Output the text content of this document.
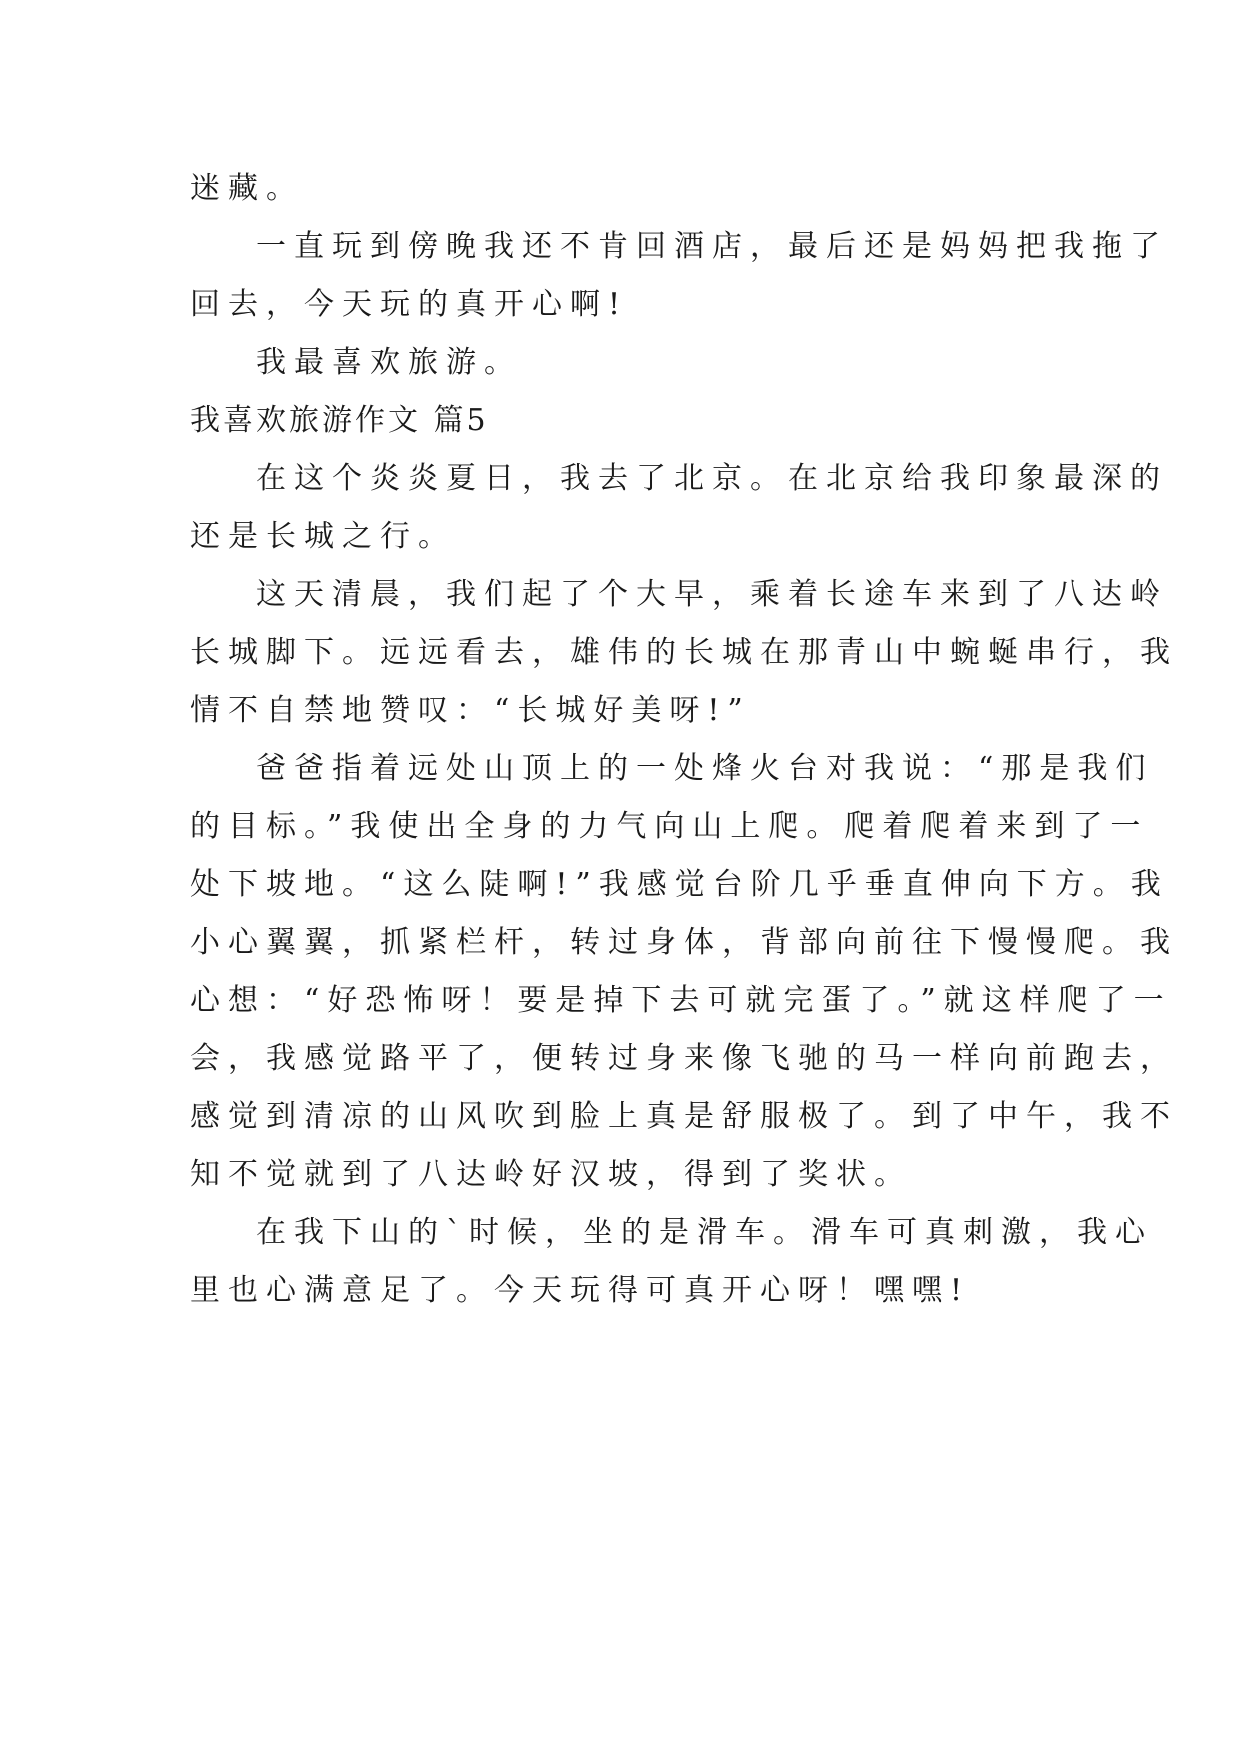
迷藏。

一直玩到傍晚我还不肯回酒店，最后还是妈妈把我拖了
回去，今天玩的真开心啊!

我最喜欢旅游。

我喜欢旅游作文 篇5

在这个炎炎夏日，我去了北京。在北京给我印象最深的
还是长城之行。

这天清晨，我们起了个大早，乘着长途车来到了八达岭
长城脚下。远远看去，雄伟的长城在那青山中蜿蜒串行，我
情不自禁地赞叹：“长城好美呀!”

爸爸指着远处山顶上的一处烽火台对我说：“那是我们
的目标。”我使出全身的力气向山上爬。爬着爬着来到了一
处下坡地。“这么陡啊!”我感觉台阶几乎垂直伸向下方。我
小心翼翼，抓紧栏杆，转过身体，背部向前往下慢慢爬。我
心想：“好恐怖呀！要是掉下去可就完蛋了。”就这样爬了一
会，我感觉路平了，便转过身来像飞驰的马一样向前跑去，
感觉到清凉的山风吹到脸上真是舒服极了。到了中午，我不
知不觉就到了八达岭好汉坡，得到了奖状。

在我下山的`时候，坐的是滑车。滑车可真刺激，我心
里也心满意足了。今天玩得可真开心呀！嘿嘿!
